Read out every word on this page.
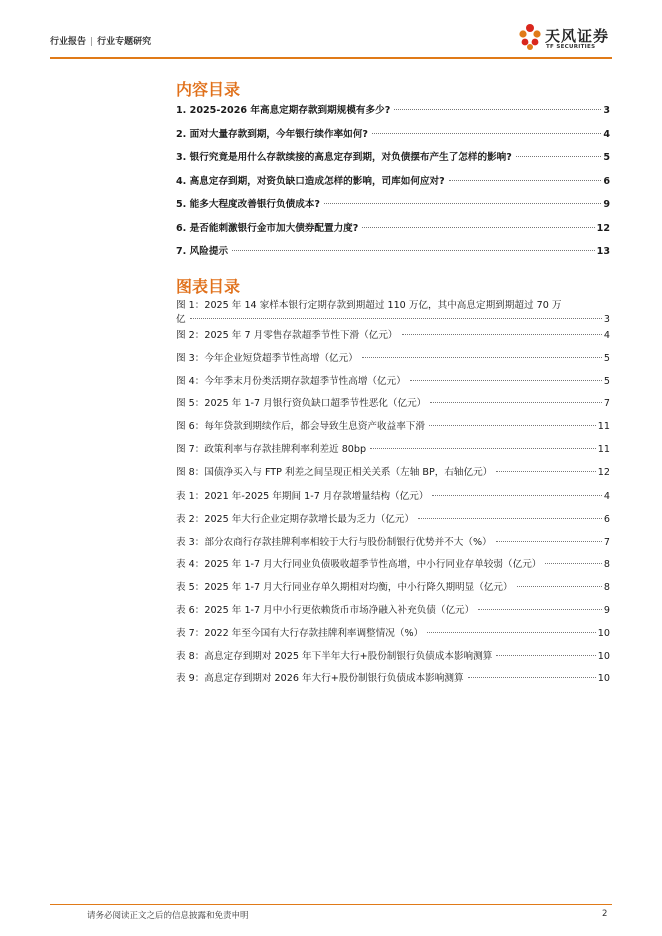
行业报告 | 行业专题研究	天风证券
TF SECURITIES
内容目录
1. 2025-2026 年高息定期存款到期规模有多少?	3
2. 面对大量存款到期，今年银行续作率如何?	4
3. 银行究竟是用什么存款续接的高息定存到期，对负债摆布产生了怎样的影响?	5
4. 高息定存到期，对资负缺口造成怎样的影响，司库如何应对?	6
5. 能多大程度改善银行负债成本?	9
6. 是否能刺激银行金市加大债券配置力度?	12
7. 风险提示	13
图表目录
图 1：2025 年 14 家样本银行定期存款到期超过 110 万亿，其中高息定期到期超过 70 万
亿	3
图 2：2025 年 7 月零售存款超季节性下滑（亿元）	4
图 3：今年企业短贷超季节性高增（亿元）	5
图 4：今年季末月份类活期存款超季节性高增（亿元）	5
图 5：2025 年 1-7 月银行资负缺口超季节性恶化（亿元）	7
图 6：每年贷款到期续作后，都会导致生息资产收益率下滑	11
图 7：政策利率与存款挂牌利率利差近 80bp	11
图 8：国债净买入与 FTP 利差之间呈现正相关关系（左轴 BP，右轴亿元）	12
表 1：2021 年-2025 年期间 1-7 月存款增量结构（亿元）	4
表 2：2025 年大行企业定期存款增长最为乏力（亿元）	6
表 3：部分农商行存款挂牌利率相较于大行与股份制银行优势并不大（%）	7
表 4：2025 年 1-7 月大行同业负债吸收超季节性高增，中小行同业存单较弱（亿元）	8
表 5：2025 年 1-7 月大行同业存单久期相对均衡，中小行降久期明显（亿元）	8
表 6：2025 年 1-7 月中小行更依赖货币市场净融入补充负债（亿元）	9
表 7：2022 年至今国有大行存款挂牌利率调整情况（%）	10
表 8：高息定存到期对 2025 年下半年大行+股份制银行负债成本影响测算	10
表 9：高息定存到期对 2026 年大行+股份制银行负债成本影响测算	10
请务必阅读正文之后的信息披露和免责申明	2
